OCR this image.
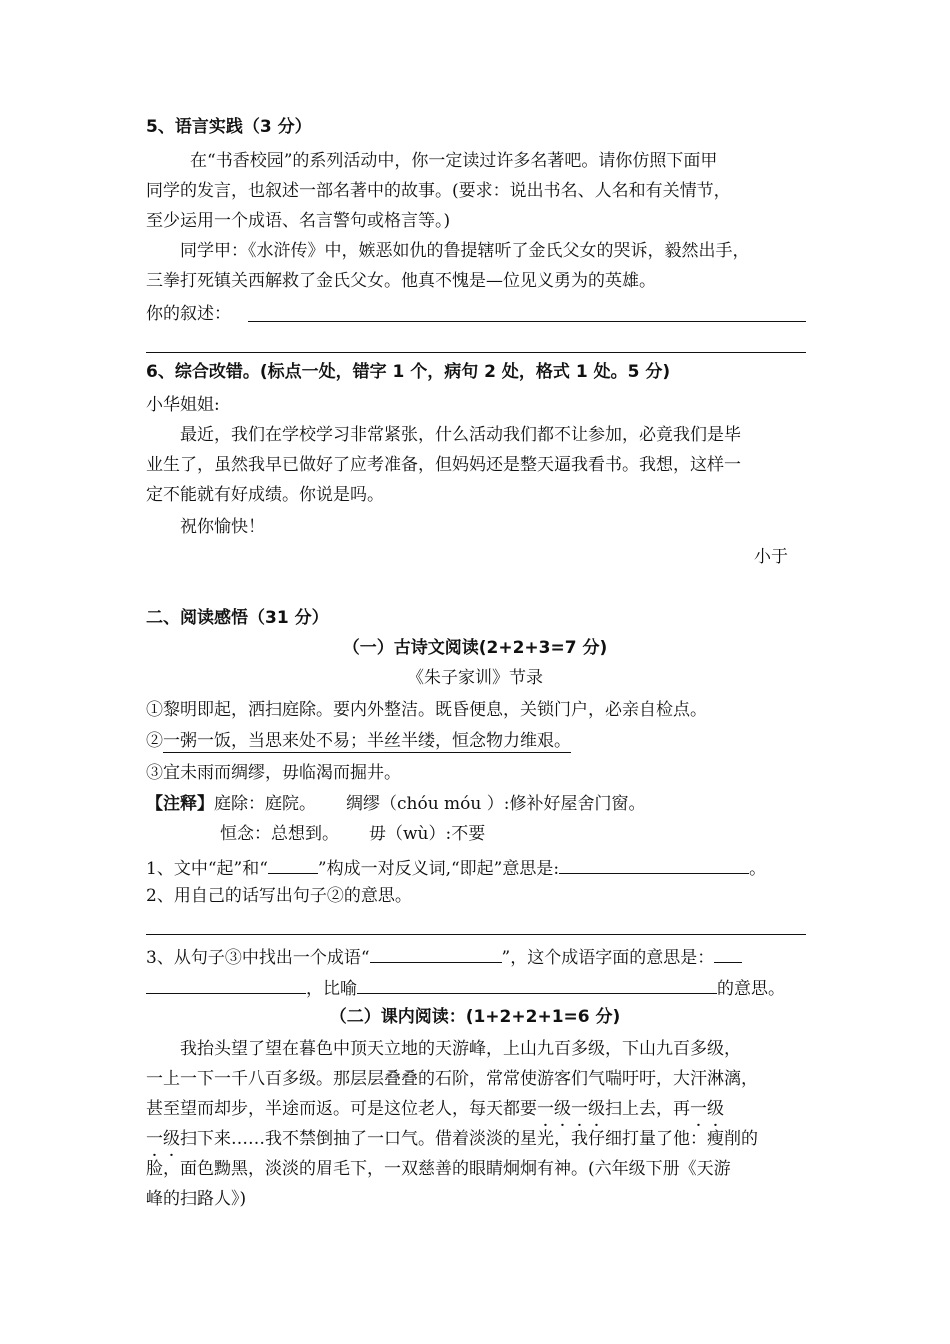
5、语言实践（3 分）
在“书香校园”的系列活动中，你一定读过许多名著吧。请你仿照下面甲
同学的发言，也叙述一部名著中的故事。(要求：说出书名、人名和有关情节，
至少运用一个成语、名言警句或格言等。)
同学甲：《水浒传》中，嫉恶如仇的鲁提辖听了金氏父女的哭诉，毅然出手，
三拳打死镇关西解救了金氏父女。他真不愧是—位见义勇为的英雄。
你的叙述：
6、综合改错。(标点一处，错字 1 个，病句 2 处，格式 1 处。5 分)
小华姐姐:
最近，我们在学校学习非常紧张，什么活动我们都不让参加，必竟我们是毕
业生了，虽然我早已做好了应考准备，但妈妈还是整天逼我看书。我想，这样一
定不能就有好成绩。你说是吗。
祝你愉快！
小于
二、阅读感悟（31 分）
（一）古诗文阅读(2+2+3=7 分)
《朱子家训》节录
①黎明即起，洒扫庭除。要内外整洁。既昏便息，关锁门户，必亲自检点。
②一粥一饭，当思来处不易；半丝半缕，恒念物力维艰。
③宜未雨而绸缪，毋临渴而掘井。
【注释】庭除：庭院。 绸缪（chóu móu ）:修补好屋舍门窗。
恒念：总想到。 毋（wù）:不要
1、文中“起”和“	”构成一对反义词,“即起”意思是:	。
2、用自己的话写出句子②的意思。
3、从句子③中找出一个成语“	”，这个成语字面的意思是：
，比喻	的意思。
（二）课内阅读：(1+2+2+1=6 分)
我抬头望了望在暮色中顶天立地的天游峰，上山九百多级，下山九百多级，
一上一下一千八百多级。那层层叠叠的石阶，常常使游客们气喘吁吁，大汗淋漓，
甚至望而却步，半途而返。可是这位老人，每天都要一级一级扫上去，再一级
一级扫下来……我不禁倒抽了一口气。借着淡淡的星光，我仔细打量了他：瘦削的
脸，面色黝黑，淡淡的眉毛下，一双慈善的眼睛炯炯有神。(六年级下册《天游
峰的扫路人》)
